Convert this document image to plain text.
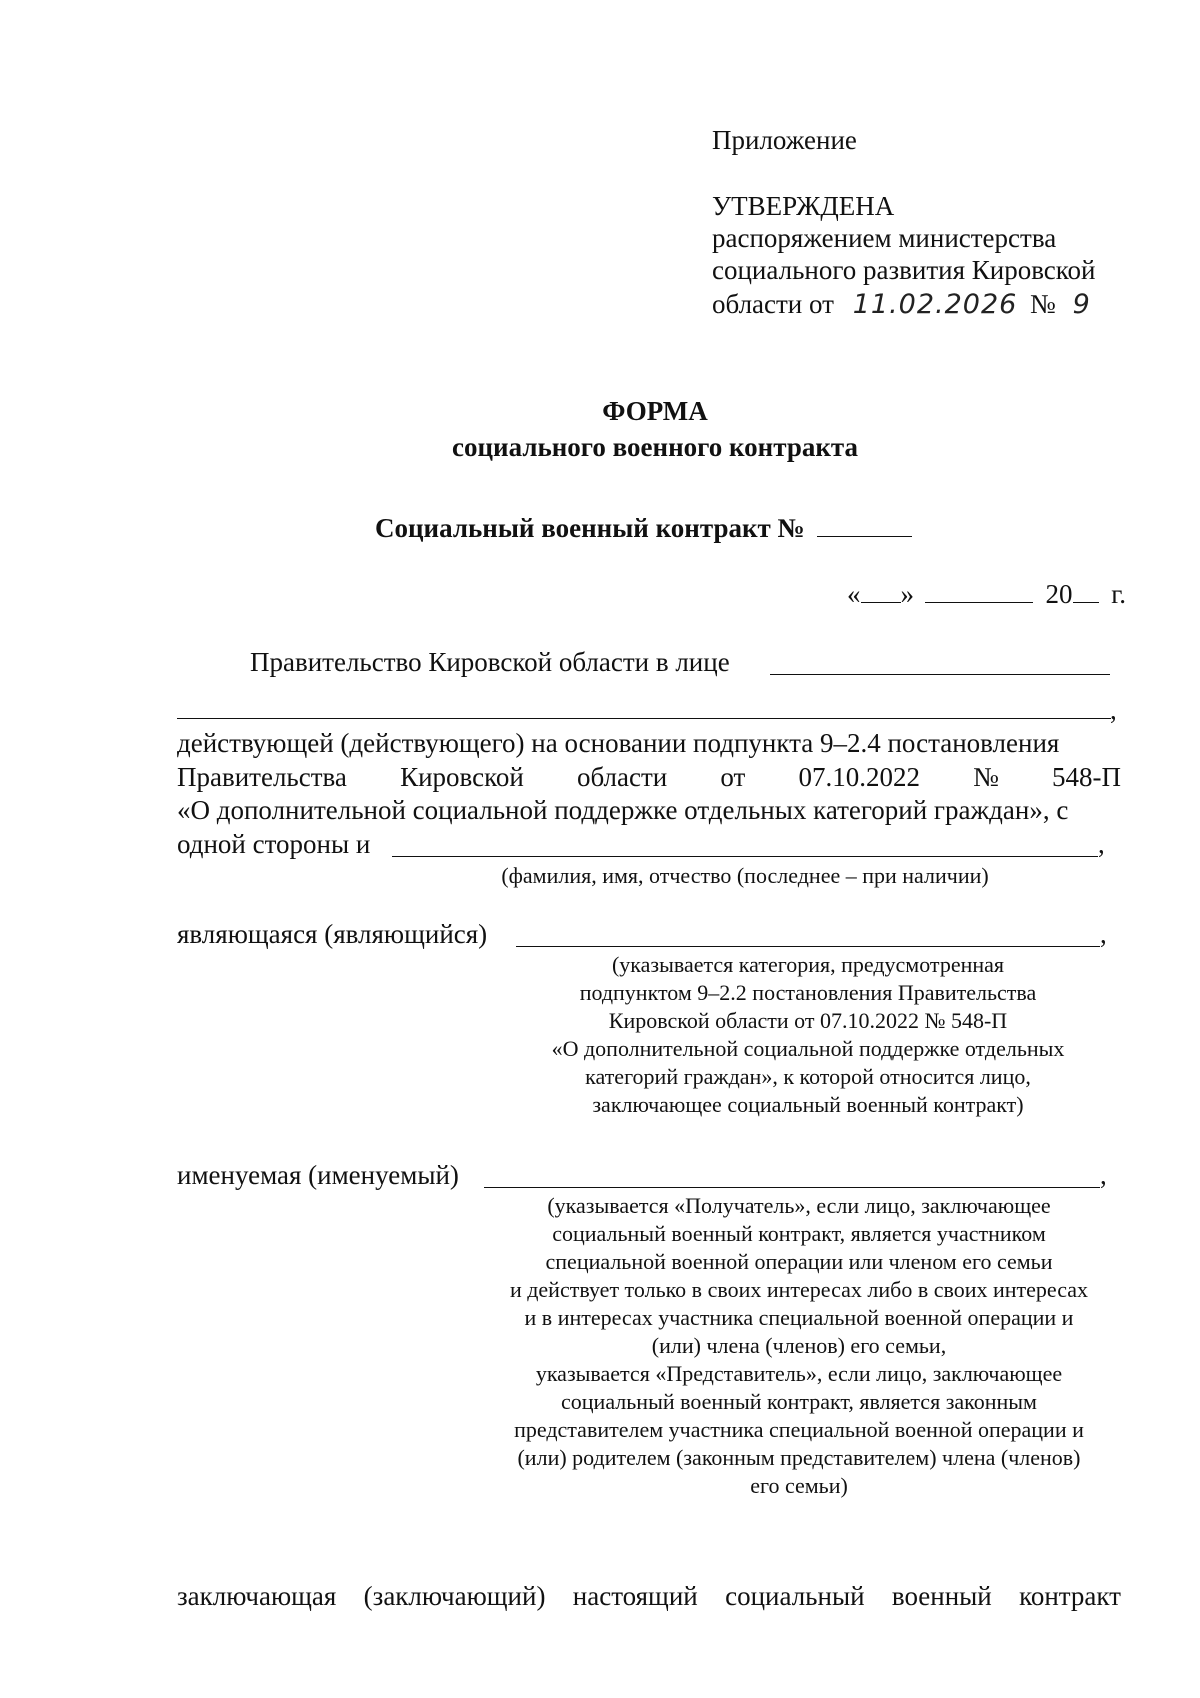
Приложение
УТВЕРЖДЕНА
распоряжением министерства
социального развития Кировской
области от 11.02.2026 № 9
ФОРМА
социального военного контракта
Социальный военный контракт №
« »	20 г.
Правительство Кировской области в лице
,
действующей (действующего) на основании подпункта 9–2.4 постановления
Правительства Кировской области от 07.10.2022 № 548-П
«О дополнительной социальной поддержке отдельных категорий граждан», с
одной стороны и	,
(фамилия, имя, отчество (последнее – при наличии)
являющаяся (являющийся)	,
(указывается категория, предусмотренная
подпунктом 9–2.2 постановления Правительства
Кировской области от 07.10.2022 № 548-П
«О дополнительной социальной поддержке отдельных
категорий граждан», к которой относится лицо,
заключающее социальный военный контракт)
именуемая (именуемый)	,
(указывается «Получатель», если лицо, заключающее
социальный военный контракт, является участником
специальной военной операции или членом его семьи
и действует только в своих интересах либо в своих интересах
и в интересах участника специальной военной операции и
(или) члена (членов) его семьи,
указывается «Представитель», если лицо, заключающее
социальный военный контракт, является законным
представителем участника специальной военной операции и
(или) родителем (законным представителем) члена (членов)
его семьи)
заключающая (заключающий) настоящий социальный военный контракт
